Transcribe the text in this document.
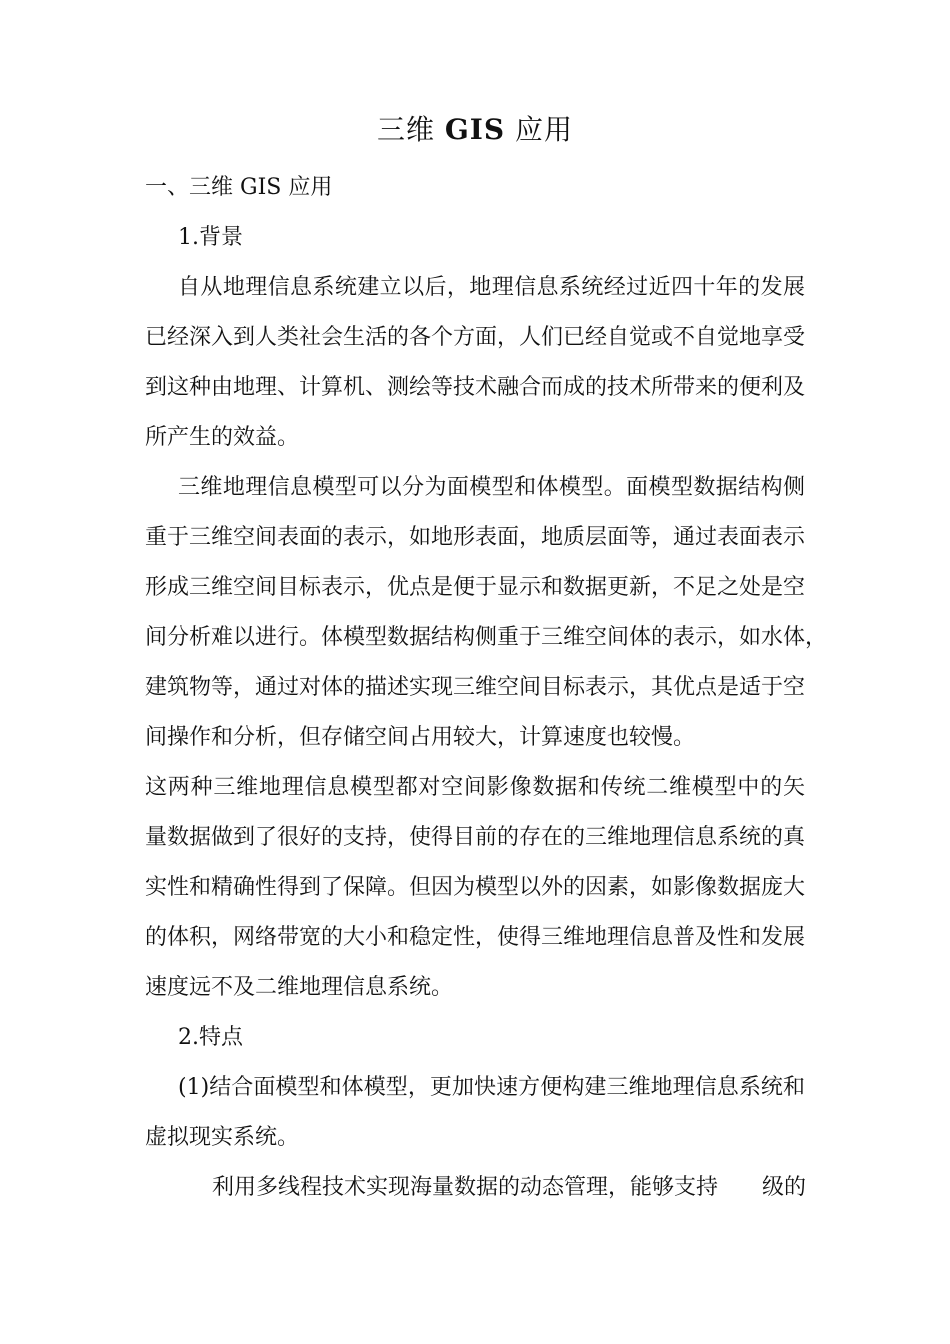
三维 GIS 应用
一、三维 GIS 应用
1.背景
自从地理信息系统建立以后，地理信息系统经过近四十年的发展
已经深入到人类社会生活的各个方面，人们已经自觉或不自觉地享受
到这种由地理、计算机、测绘等技术融合而成的技术所带来的便利及
所产生的效益。
三维地理信息模型可以分为面模型和体模型。面模型数据结构侧
重于三维空间表面的表示，如地形表面，地质层面等，通过表面表示
形成三维空间目标表示，优点是便于显示和数据更新，不足之处是空
间分析难以进行。体模型数据结构侧重于三维空间体的表示，如水体，
建筑物等，通过对体的描述实现三维空间目标表示，其优点是适于空
间操作和分析，但存储空间占用较大，计算速度也较慢。
这两种三维地理信息模型都对空间影像数据和传统二维模型中的矢
量数据做到了很好的支持，使得目前的存在的三维地理信息系统的真
实性和精确性得到了保障。但因为模型以外的因素，如影像数据庞大
的体积，网络带宽的大小和稳定性，使得三维地理信息普及性和发展
速度远不及二维地理信息系统。
2.特点
(1)结合面模型和体模型，更加快速方便构建三维地理信息系统和
虚拟现实系统。
利用多线程技术实现海量数据的动态管理，能够支持 级的
